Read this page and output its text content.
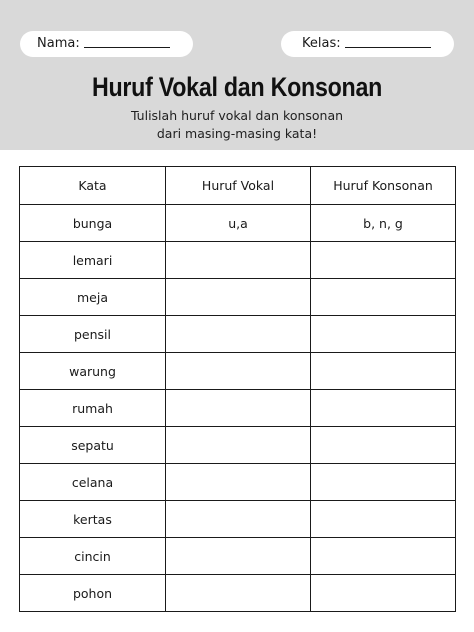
Nama:	Kelas:
Huruf Vokal dan Konsonan
Tulislah huruf vokal dan konsonan
dari masing-masing kata!
Kata	Huruf Vokal	Huruf Konsonan
bunga	u,a	b, n, g
lemari		
meja		
pensil		
warung		
rumah		
sepatu		
celana		
kertas		
cincin		
pohon		
